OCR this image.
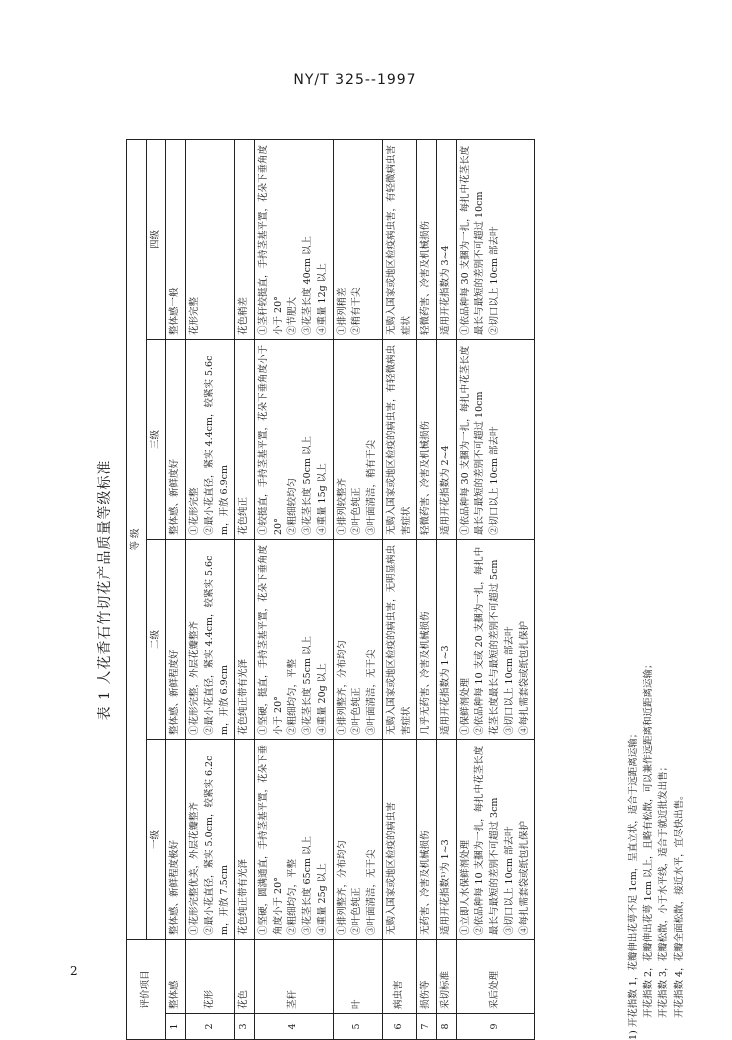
NY/T 325--1997
表 1 人花香石竹切花产品质量等级标准
评价项目		等 级			
		一级	二级	三级	四级
1	整体感	整体感、新鲜程度极好	整体感、新鲜程度好	整体感、新鲜度好	整体感一般

2	花形	①花形完整优美，外层花瓣整齐 ②最小花直径，紧实 5.0cm，较紧实 6.2cm，开放 7.5cm	①花形完整，外层花瓣整齐 ②最小花直径，紧实 4.4cm，较紧实 5.6cm，开放 6.9cm	①花形完整 ②最小花直径，紧实 4.4cm，较紧实 5.6cm，开放 6.9cm	花形完整

3	花色	花色纯正带有光泽	花色纯正带有光泽	花色纯正	花色稍差

4	茎秆	①坚硬，圆满通直，手持茎基平置，花朵下垂角度小于 20° ②粗细均匀，平整 ③花茎长度 65cm 以上 ④重量 25g 以上	①坚硬，挺直，手持茎基平置，花朵下垂角度小于 20° ②粗细均匀，平整 ③花茎长度 55cm 以上 ④重量 20g 以上	①较挺直，手持茎基平置，花朵下垂角度小于 20° ②粗细较均匀 ③花茎长度 50cm 以上 ④重量 15g 以上	①茎秆较挺直，手持茎基平置，花朵下垂角度小于 20° ②节肥大 ③花茎长度 40cm 以上 ④重量 12g 以上

5	叶	①排列整齐，分布均匀 ②叶色纯正 ③叶面清洁，无干尖	①排列整齐，分布均匀 ②叶色纯正 ③叶面清洁，无干尖	①排列较整齐 ②叶色纯正 ③叶面清洁，稍有干尖	①排列稍差 ②稍有干尖

6	病虫害	无购入国家或地区检疫的病虫害	无购入国家或地区检疫的病虫害，无明显病虫害症状	无购入国家或地区检疫的病虫害，有轻微病虫害症状	无购入国家或地区检疫病虫害，有轻微病虫害症状

7	损伤等	无药害、冷害及机械损伤	几乎无药害、冷害及机械损伤	轻微药害、冷害及机械损伤	轻微药害、冷害及机械损伤

8	采切标准	适用开花指数¹⁾为 1~3	适用开花指数为 1~3	适用开花指数为 2~4	适用开花指数为 3~4

9	采后处理	①立即人水保鲜剂处理 ②依品种每 10 支捆为一扎，每扎中花茎长度最长与最短的差别不可超过 3cm ③切口以上 10cm 部去叶 ④每扎需套袋或纸包扎保护	①保鲜剂处理 ②依品种每 10 支或 20 支捆为一扎，每扎中花茎长度最长与最短的差别不可超过 5cm ③切口以上 10cm 部去叶 ④每扎需套袋或纸包扎保护	①依品种每 30 支捆为一扎，每扎中花茎长度最长与最短的差别不可超过 10cm ②切口以上 10cm 部去叶	①依品种每 30 支捆为一扎，每扎中花茎长度最长与最短的差别不可超过 10cm ②切口以上 10cm 部去叶
1) 开花指数 1，花瓣伸出花萼不足 1cm，呈直立状，适合于远距离运输； 开花指数 2，花瓣伸出花萼 1cm 以上，且略有松散，可以兼作远距离和近距离运输； 开花指数 3，花瓣松散，小于水平线，适合于就近批发出售； 开花指数 4，花瓣全面松散，接近水平，宜尽快出售。
2
